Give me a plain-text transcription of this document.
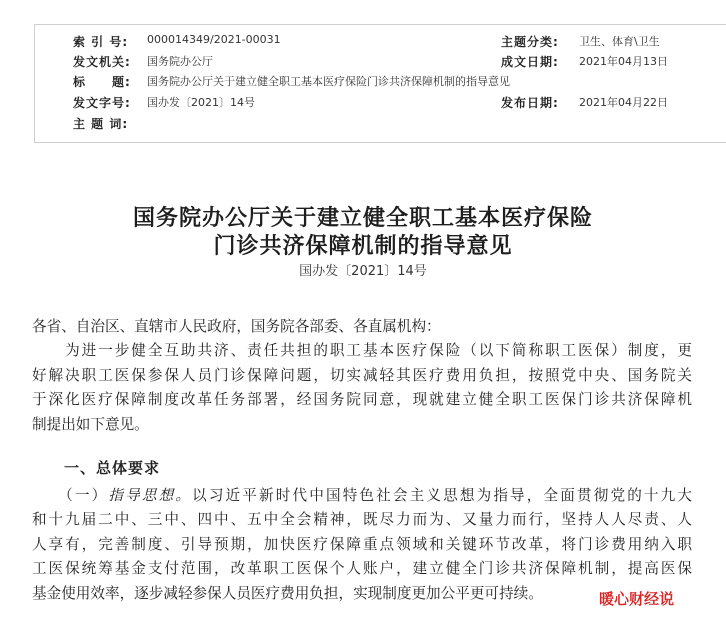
索 引 号:	000014349/2021-00031	主题分类: 卫生、体育\卫生
发文机关: 国务院办公厅	成文日期: 2021年04月13日
标　　题: 国务院办公厅关于建立健全职工基本医疗保险门诊共济保障机制的指导意见
发文字号: 国办发〔2021〕14号	发布日期: 2021年04月22日
主 题 词:
国务院办公厅关于建立健全职工基本医疗保险
门诊共济保障机制的指导意见
国办发〔2021〕14号
各省、自治区、直辖市人民政府，国务院各部委、各直属机构：
　　为进一步健全互助共济、责任共担的职工基本医疗保险（以下简称职工医保）制度，更
好解决职工医保参保人员门诊保障问题，切实减轻其医疗费用负担，按照党中央、国务院关
于深化医疗保障制度改革任务部署，经国务院同意，现就建立健全职工医保门诊共济保障机
制提出如下意见。
一、总体要求
　　（一）指导思想。以习近平新时代中国特色社会主义思想为指导，全面贯彻党的十九大
和十九届二中、三中、四中、五中全会精神，既尽力而为、又量力而行，坚持人人尽责、人
人享有，完善制度、引导预期，加快医疗保障重点领域和关键环节改革，将门诊费用纳入职
工医保统筹基金支付范围，改革职工医保个人账户，建立健全门诊共济保障机制，提高医保
基金使用效率，逐步减轻参保人员医疗费用负担，实现制度更加公平更可持续。	暖心财经说
